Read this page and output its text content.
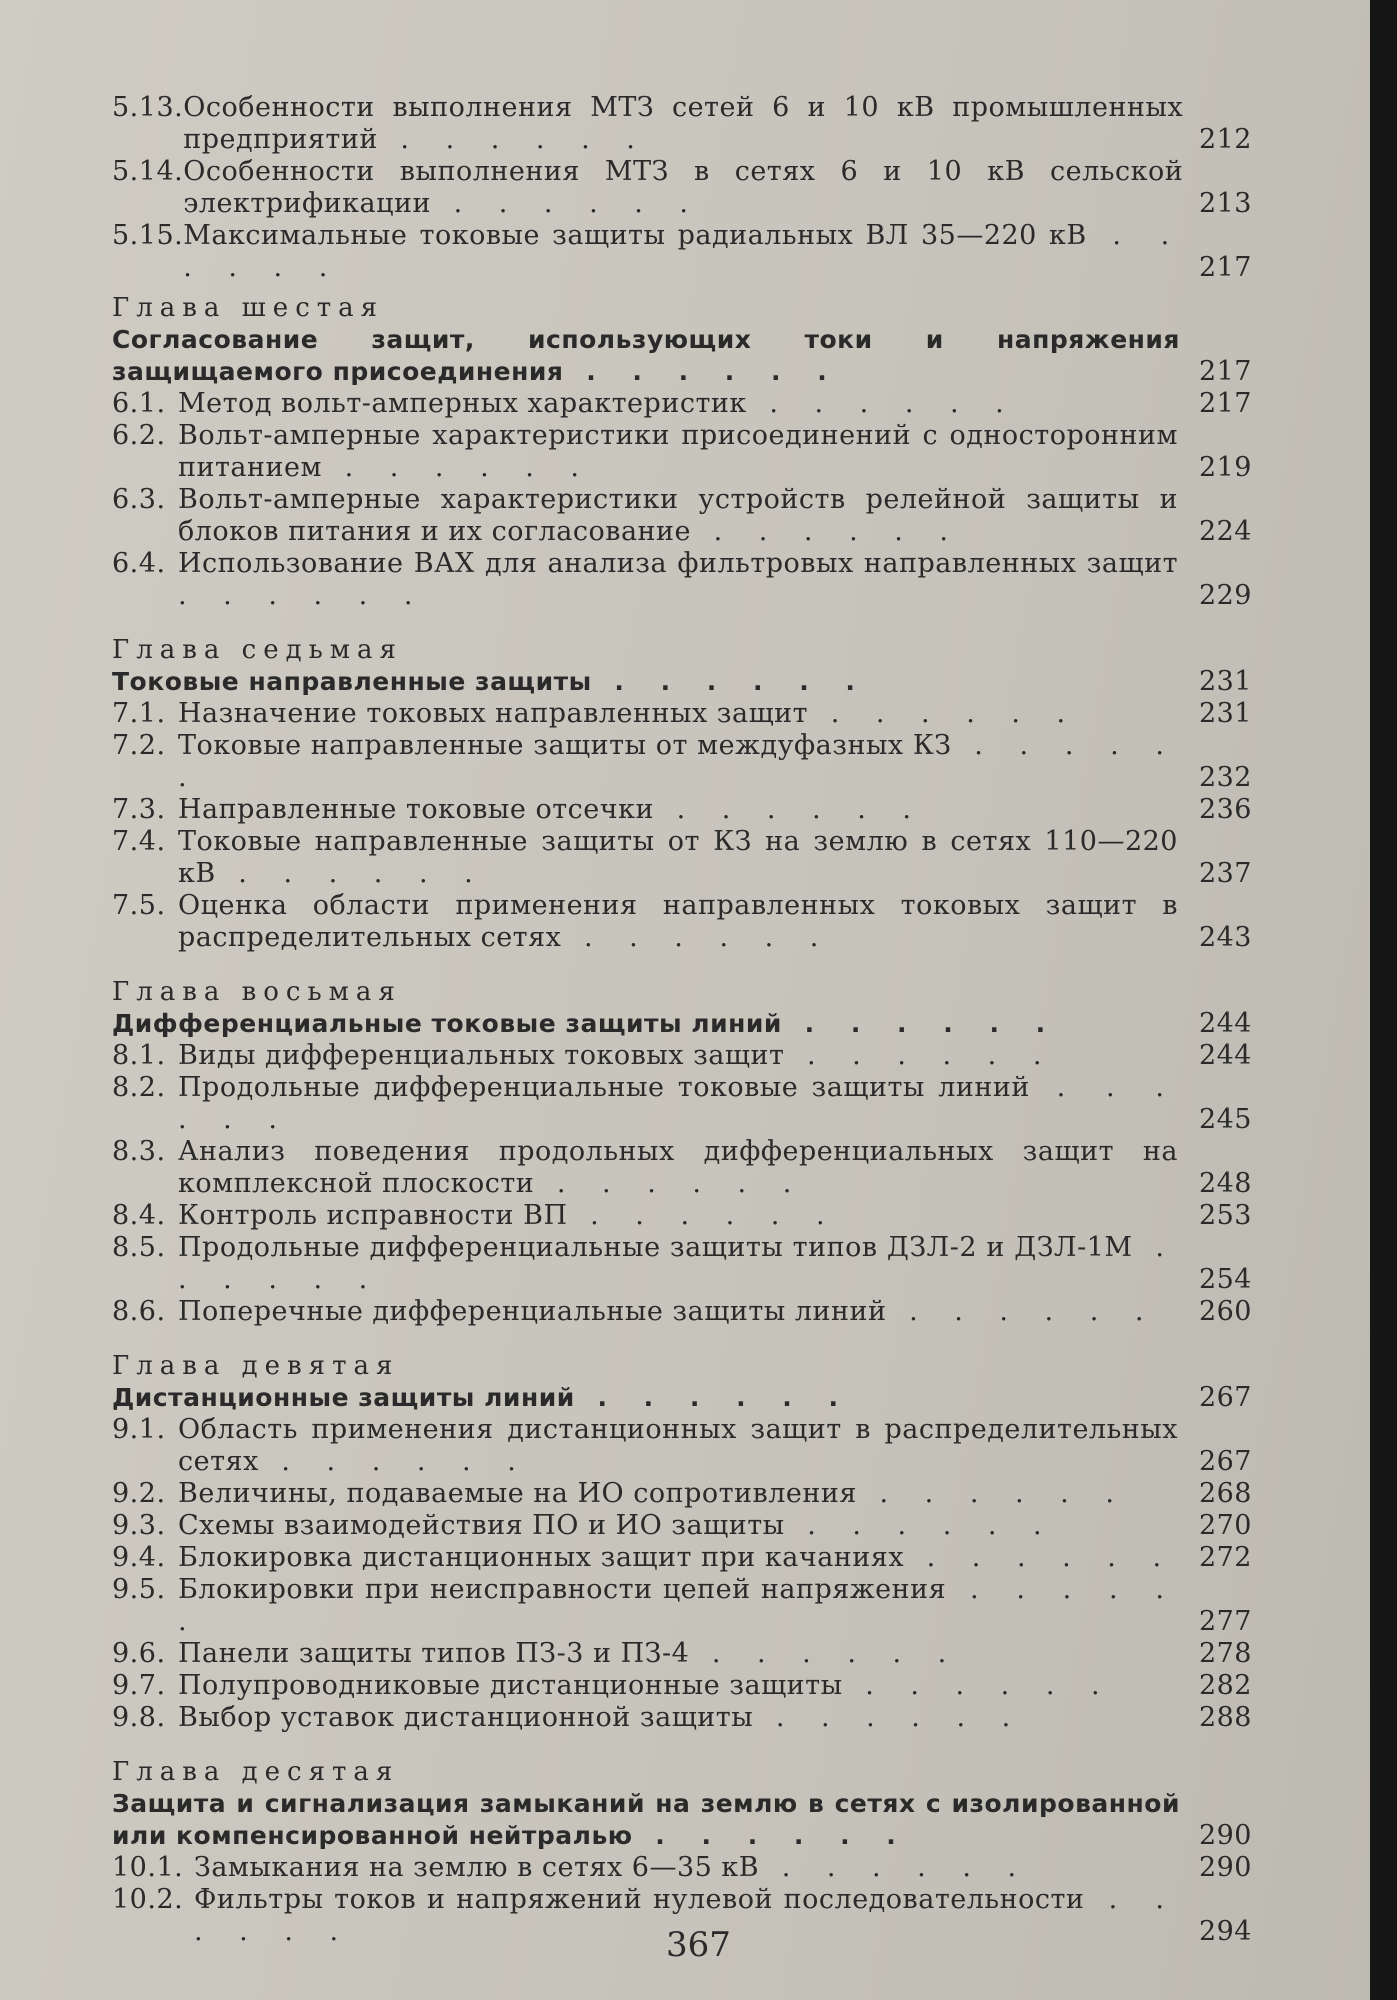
5.13. Особенности выполнения МТЗ сетей 6 и 10 кВ промышленных предприятий . . . . . .	212
5.14. Особенности выполнения МТЗ в сетях 6 и 10 кВ сельской электрификации . . . . . .	213
5.15. Максимальные токовые защиты радиальных ВЛ 35—220 кВ . . . . . .	217
Глава шестая
Согласование защит, использующих токи и напряжения защищаемого присоединения . . . . . .	217
6.1. Метод вольт-амперных характеристик . . . . . .	217
6.2. Вольт-амперные характеристики присоединений с односторонним питанием . . . . . .	219
6.3. Вольт-амперные характеристики устройств релейной защиты и блоков питания и их согласование . . . . . .	224
6.4. Использование ВАХ для анализа фильтровых направленных защит . . . . . .	229
Глава седьмая
Токовые направленные защиты . . . . . .	231
7.1. Назначение токовых направленных защит . . . . . .	231
7.2. Токовые направленные защиты от междуфазных КЗ . . . . . .	232
7.3. Направленные токовые отсечки . . . . . .	236
7.4. Токовые направленные защиты от КЗ на землю в сетях 110—220 кВ . . . . . .	237
7.5. Оценка области применения направленных токовых защит в распределительных сетях . . . . . .	243
Глава восьмая
Дифференциальные токовые защиты линий . . . . . .	244
8.1. Виды дифференциальных токовых защит . . . . . .	244
8.2. Продольные дифференциальные токовые защиты линий . . . . . .	245
8.3. Анализ поведения продольных дифференциальных защит на комплексной плоскости . . . . . .	248
8.4. Контроль исправности ВП . . . . . .	253
8.5. Продольные дифференциальные защиты типов ДЗЛ-2 и ДЗЛ-1М . . . . . .	254
8.6. Поперечные дифференциальные защиты линий . . . . . .	260
Глава девятая
Дистанционные защиты линий . . . . . .	267
9.1. Область применения дистанционных защит в распределительных сетях . . . . . .	267
9.2. Величины, подаваемые на ИО сопротивления . . . . . .	268
9.3. Схемы взаимодействия ПО и ИО защиты . . . . . .	270
9.4. Блокировка дистанционных защит при качаниях . . . . . . 272
9.5. Блокировки при неисправности цепей напряжения . . . . . .	277
9.6. Панели защиты типов ПЗ-3 и ПЗ-4 . . . . . .	278
9.7. Полупроводниковые дистанционные защиты . . . . . .	282
9.8. Выбор уставок дистанционной защиты . . . . . .	288
Глава десятая
Защита и сигнализация замыканий на землю в сетях с изолированной или компенсированной нейтралью . . . . . .	290
10.1. Замыкания на землю в сетях 6—35 кВ . . . . . .	290
10.2. Фильтры токов и напряжений нулевой последовательности . . . . . .	294
367
